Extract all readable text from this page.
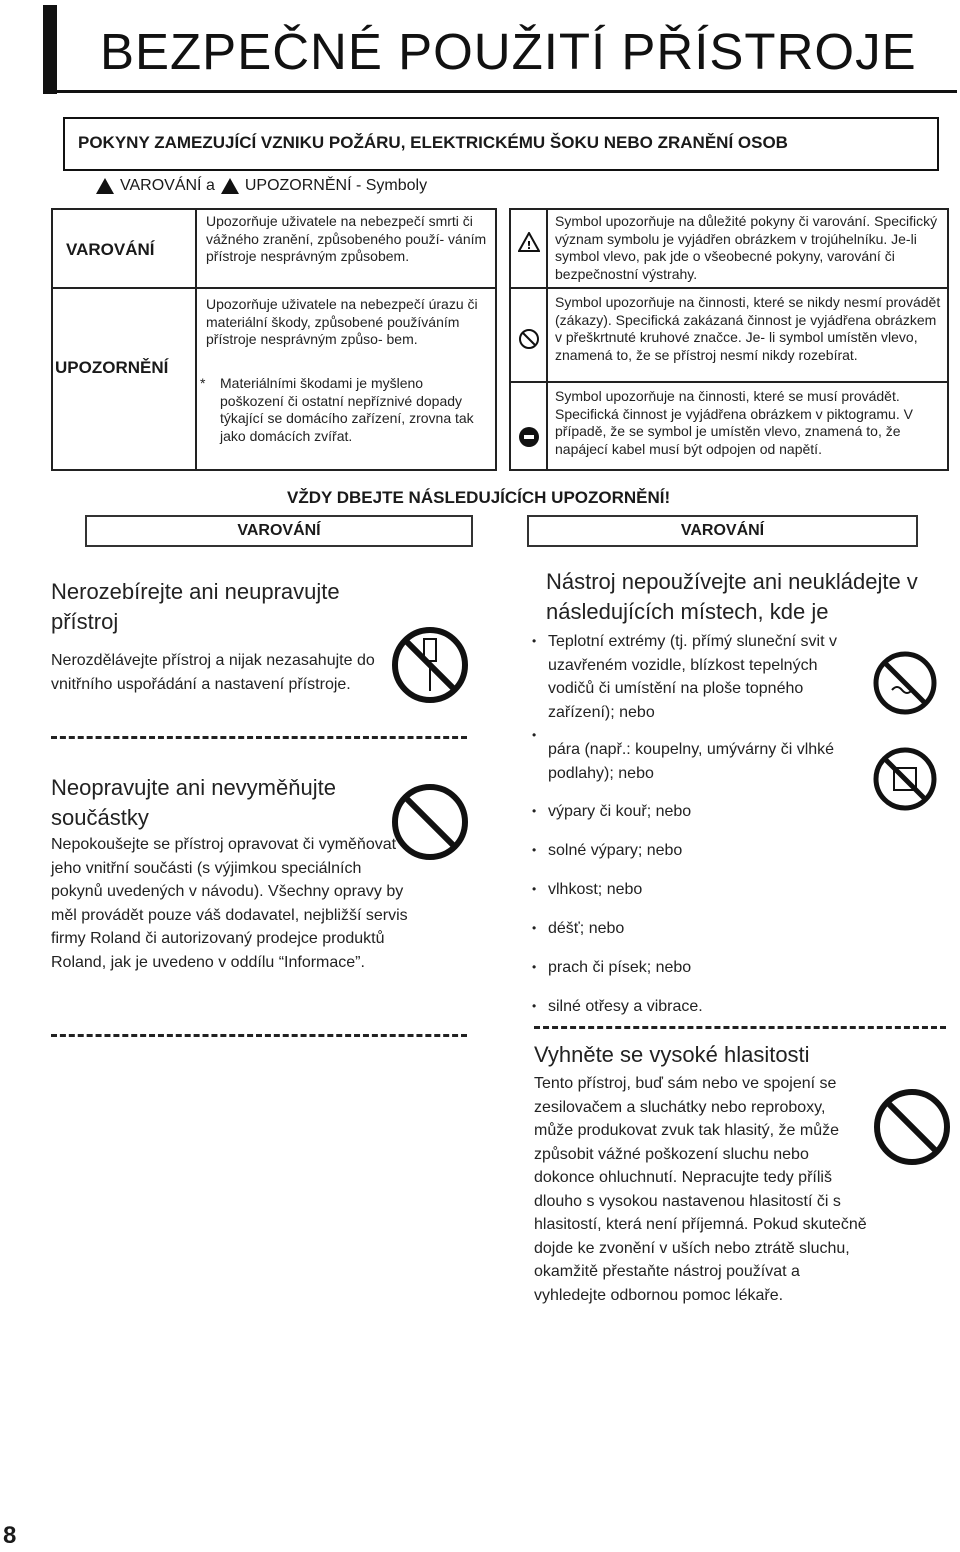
BEZPEČNÉ POUŽITÍ PŘÍSTROJE
POKYNY ZAMEZUJÍCÍ VZNIKU POŽÁRU, ELEKTRICKÉMU ŠOKU NEBO ZRANĚNÍ OSOB
VAROVÁNÍ a UPOZORNĚNÍ - Symboly
VAROVÁNÍ
Upozorňuje uživatele na nebezpečí smrti či vážného zranění, způsobeného použí- váním přístroje nesprávným způsobem.
UPOZORNĚNÍ
Upozorňuje uživatele na nebezpečí úrazu či materiální škody, způsobené používáním přístroje nesprávným způso- bem.
* Materiálními škodami je myšleno poškození či ostatní nepříznivé dopady týkající se domácího zařízení, zrovna tak jako domácích zvířat.
!
Symbol upozorňuje na důležité pokyny či varování. Specifický význam symbolu je vyjádřen obrázkem v trojúhelníku. Je-li symbol vlevo, pak jde o všeobecné pokyny, varování či bezpečnostní výstrahy.
Symbol upozorňuje na činnosti, které se nikdy nesmí provádět (zákazy). Specifická zakázaná činnost je vyjádřena obrázkem v přeškrtnuté kruhové značce. Je- li symbol umístěn vlevo, znamená to, že se přístroj nesmí nikdy rozebírat.
Symbol upozorňuje na činnosti, které se musí provádět. Specifická činnost je vyjádřena obrázkem v piktogramu. V případě, že se symbol je umístěn vlevo, znamená to, že napájecí kabel musí být odpojen od napětí.
VŽDY DBEJTE NÁSLEDUJÍCÍCH UPOZORNĚNÍ!
VAROVÁNÍ	VAROVÁNÍ
Nerozebírejte ani neupravujte přístroj
Nerozdělávejte přístroj a nijak nezasahujte do vnitřního uspořádání a nastavení přístroje.
Neopravujte ani nevyměňujte součástky
Nepokoušejte se přístroj opravovat či vyměňovat jeho vnitřní součásti (s výjimkou speciálních pokynů uvedených v návodu). Všechny opravy by měl provádět pouze váš dodavatel, nejbližší servis firmy Roland či autorizovaný prodejce produktů Roland, jak je uvedeno v oddílu “Informace”.
Nástroj nepoužívejte ani neukládejte v následujících místech, kde je
• Teplotní extrémy (tj. přímý sluneční svit v uzavřeném vozidle, blízkost tepelných vodičů či umístění na ploše topného zařízení); nebo
• pára (např.: koupelny, umývárny či vlhké podlahy); nebo
• výpary či kouř; nebo
• solné výpary; nebo
• vlhkost; nebo
• déšť; nebo
• prach či písek; nebo
• silné otřesy a vibrace.
Vyhněte se vysoké hlasitosti
Tento přístroj, buď sám nebo ve spojení se zesilovačem a sluchátky nebo reproboxy, může produkovat zvuk tak hlasitý, že může způsobit vážné poškození sluchu nebo dokonce ohluchnutí. Nepracujte tedy příliš dlouho s vysokou nastavenou hlasitostí či s hlasitostí, která není příjemná. Pokud skutečně dojde ke zvonění v uších nebo ztrátě sluchu, okamžitě přestaňte nástroj používat a vyhledejte odbornou pomoc lékaře.
8
